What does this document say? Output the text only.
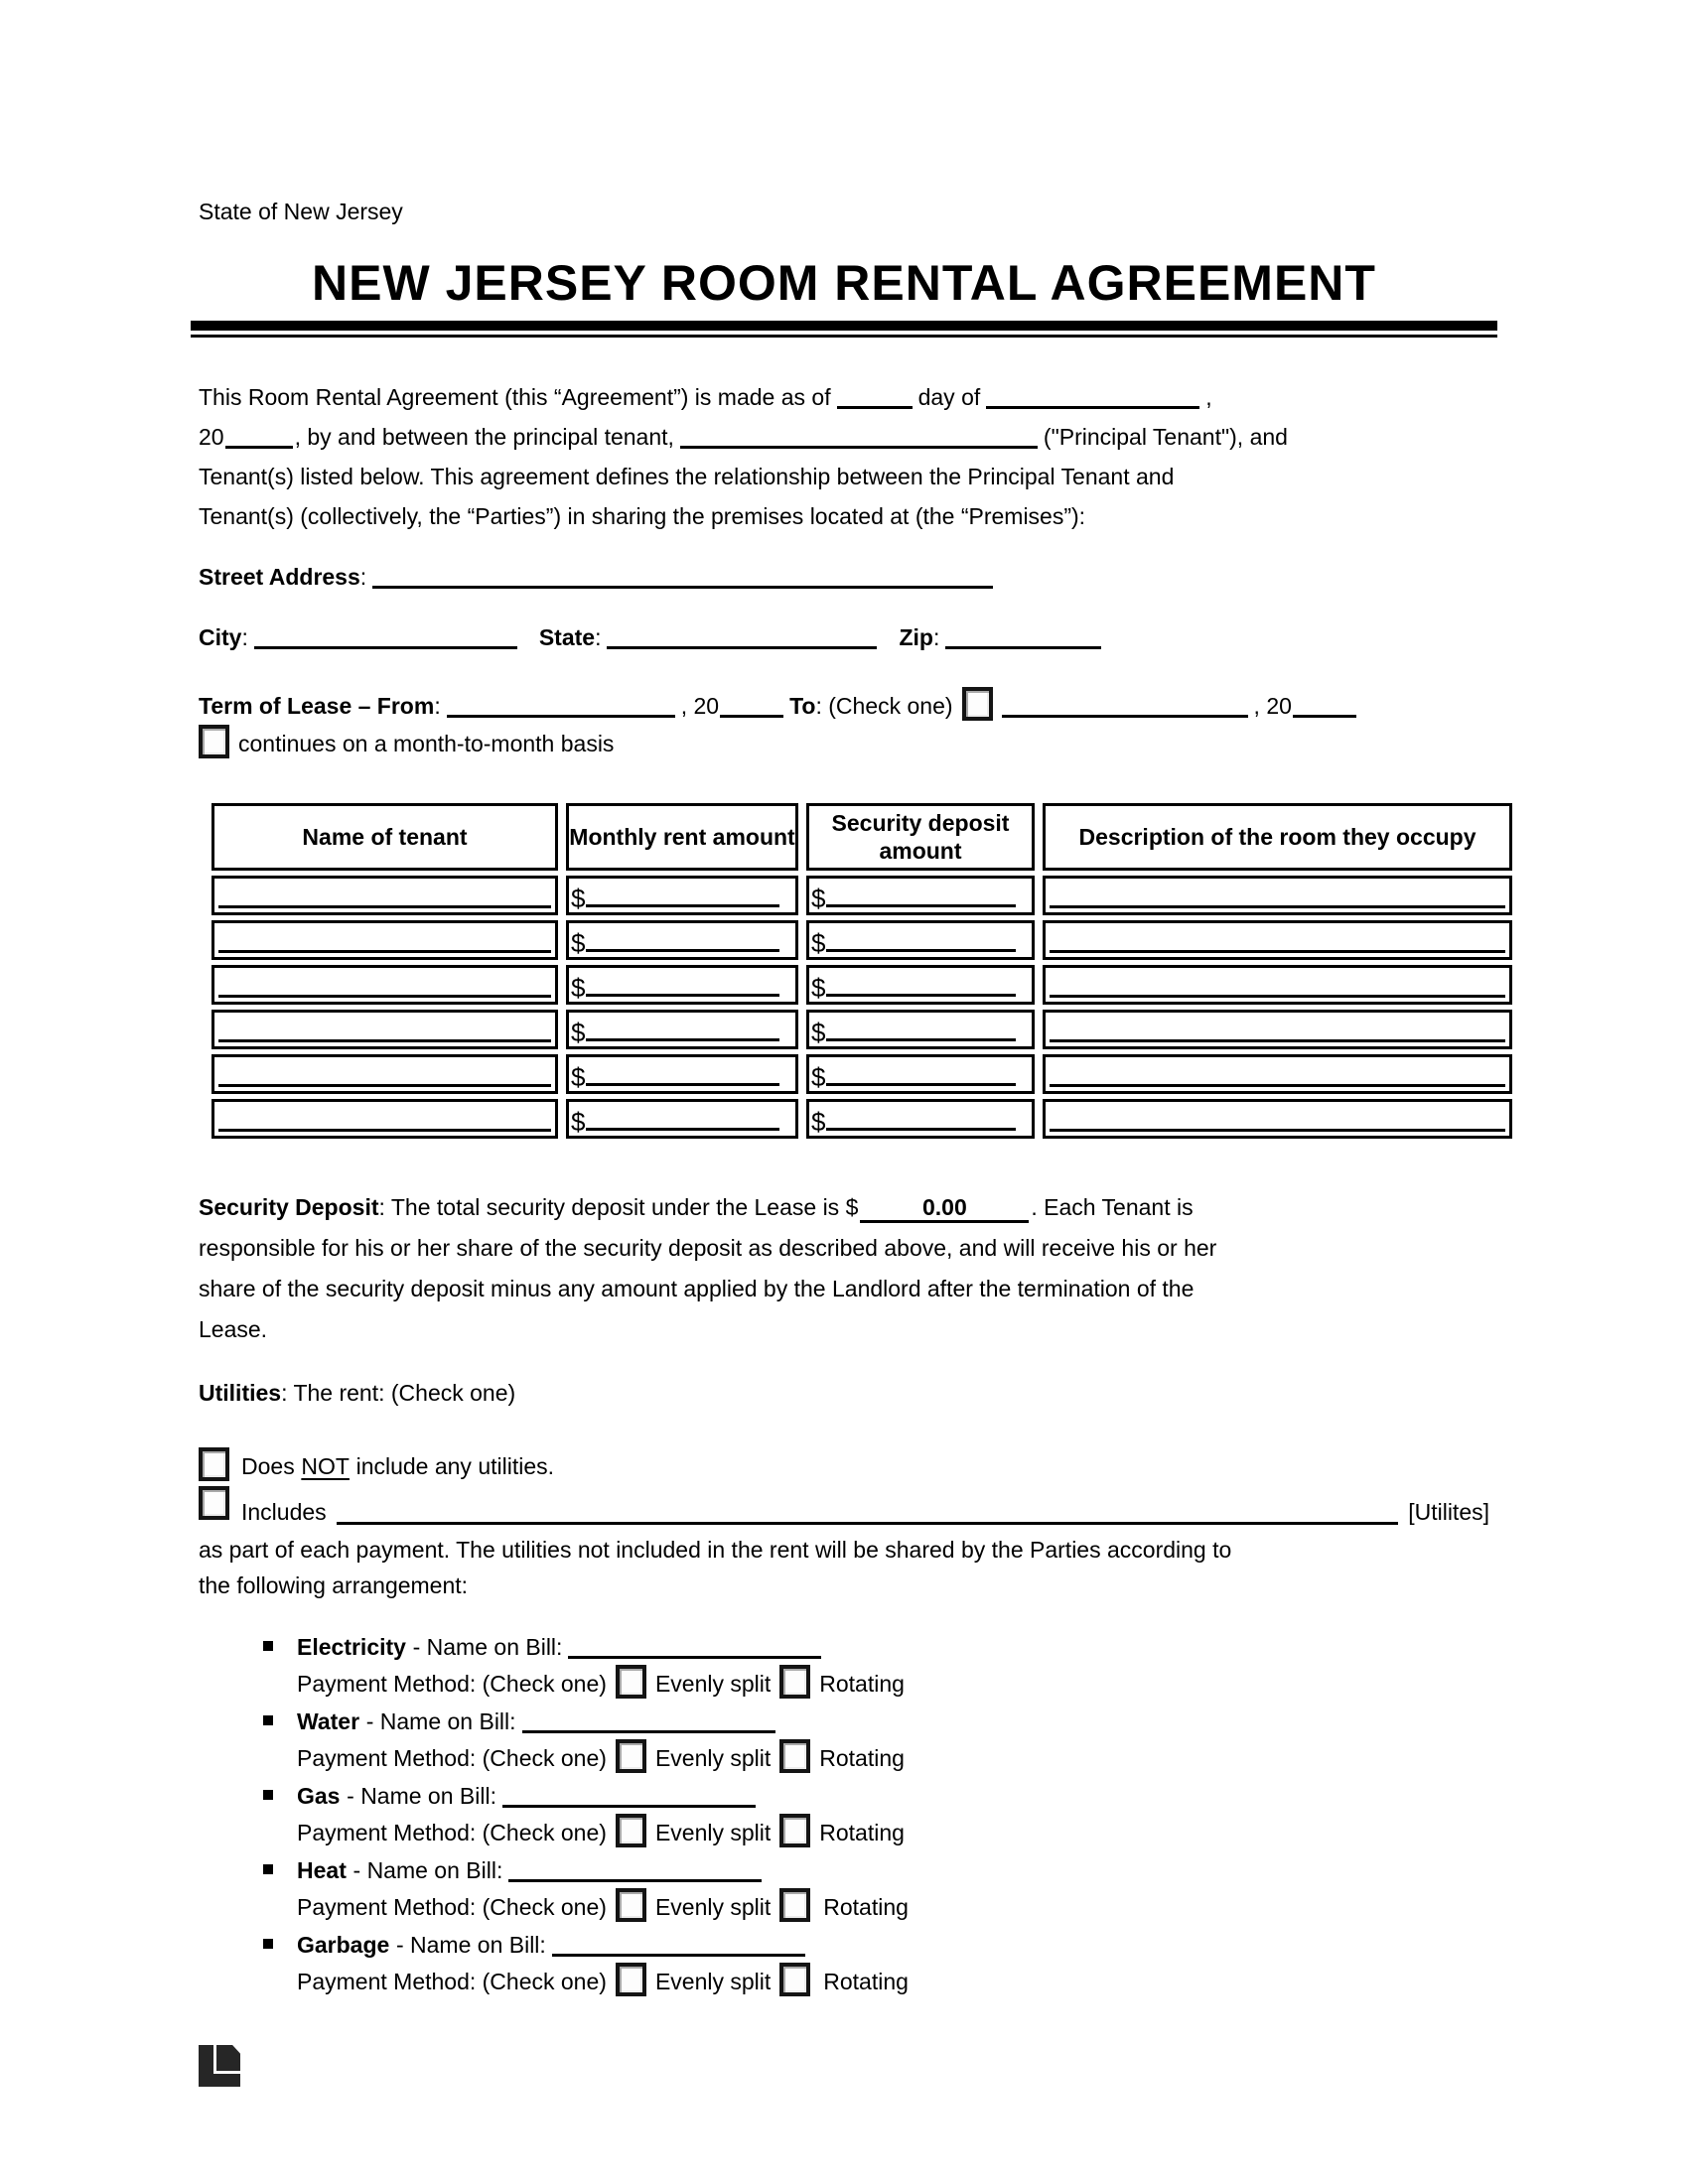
State of New Jersey
NEW JERSEY ROOM RENTAL AGREEMENT
This Room Rental Agreement (this “Agreement”) is made as of	day of	,
20	, by and between the principal tenant,	("Principal Tenant"), and
Tenant(s) listed below. This agreement defines the relationship between the Principal Tenant and
Tenant(s) (collectively, the “Parties”) in sharing the premises located at (the “Premises”):
Street Address:
City:	State:	Zip:
Term of Lease – From:	, 20	To: (Check one)	, 20
continues on a month-to-month basis
Name of tenant	Monthly rent amount	Security deposit amount	Description of the room they occupy

	$	$	

	$	$	

	$	$	

	$	$	

	$	$	

	$	$	

Security Deposit: The total security deposit under the Lease is $	0.00	. Each Tenant is
responsible for his or her share of the security deposit as described above, and will receive his or her
share of the security deposit minus any amount applied by the Landlord after the termination of the
Lease.
Utilities: The rent: (Check one)
Does NOT include any utilities.
Includes	[Utilites]
as part of each payment. The utilities not included in the rent will be shared by the Parties according to
the following arrangement:
Electricity - Name on Bill:
Payment Method: (Check one) Evenly split Rotating
Water - Name on Bill:
Payment Method: (Check one) Evenly split Rotating
Gas - Name on Bill:
Payment Method: (Check one) Evenly split Rotating
Heat - Name on Bill:
Payment Method: (Check one) Evenly split Rotating
Garbage - Name on Bill:
Payment Method: (Check one) Evenly split Rotating
